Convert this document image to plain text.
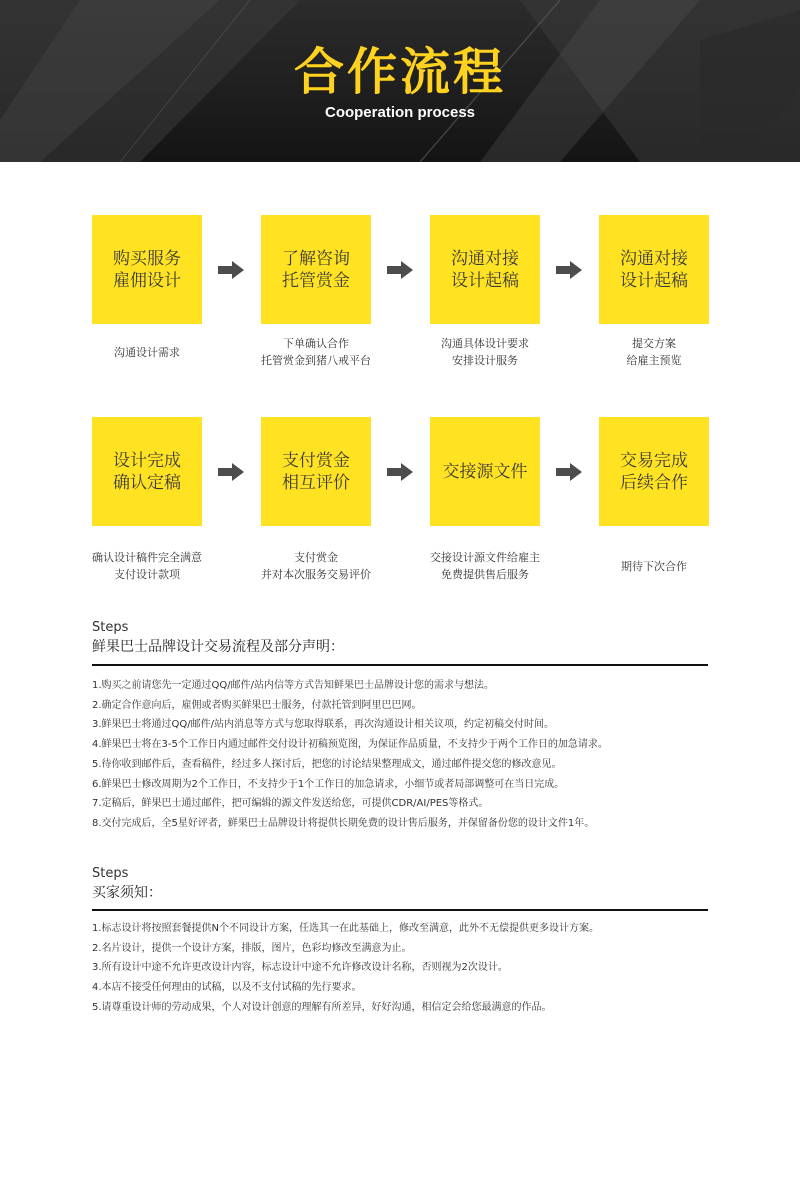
合作流程
Cooperation process
购买服务
雇佣设计
了解咨询
托管赏金
沟通对接
设计起稿
沟通对接
设计起稿
沟通设计需求
下单确认合作
托管赏金到猪八戒平台
沟通具体设计要求
安排设计服务
提交方案
给雇主预览
设计完成
确认定稿
支付赏金
相互评价
交接源文件
交易完成
后续合作
确认设计稿件完全满意
支付设计款项
支付赏金
并对本次服务交易评价
交接设计源文件给雇主
免费提供售后服务
期待下次合作
Steps
鲜果巴士品牌设计交易流程及部分声明：
1.购买之前请您先一定通过QQ/邮件/站内信等方式告知鲜果巴士品牌设计您的需求与想法。
2.确定合作意向后，雇佣或者购买鲜果巴士服务，付款托管到阿里巴巴网。
3.鲜果巴士将通过QQ/邮件/站内消息等方式与您取得联系，再次沟通设计相关议项，约定初稿交付时间。
4.鲜果巴士将在3-5个工作日内通过邮件交付设计初稿预览图，为保证作品质量，不支持少于两个工作日的加急请求。
5.待你收到邮件后，查看稿件，经过多人探讨后，把您的讨论结果整理成文，通过邮件提交您的修改意见。
6.鲜果巴士修改周期为2个工作日，不支持少于1个工作日的加急请求，小细节或者局部调整可在当日完成。
7.定稿后，鲜果巴士通过邮件，把可编辑的源文件发送给您，可提供CDR/AI/PES等格式。
8.交付完成后，全5星好评者，鲜果巴士品牌设计将提供长期免费的设计售后服务，并保留备份您的设计文件1年。
Steps
买家须知：
1.标志设计将按照套餐提供N个不同设计方案，任选其一在此基础上，修改至满意，此外不无偿提供更多设计方案。
2.名片设计，提供一个设计方案，排版，图片，色彩均修改至满意为止。
3.所有设计中途不允许更改设计内容，标志设计中途不允许修改设计名称，否则视为2次设计。
4.本店不接受任何理由的试稿，以及不支付试稿的先行要求。
5.请尊重设计师的劳动成果，个人对设计创意的理解有所差异，好好沟通，相信定会给您最满意的作品。
